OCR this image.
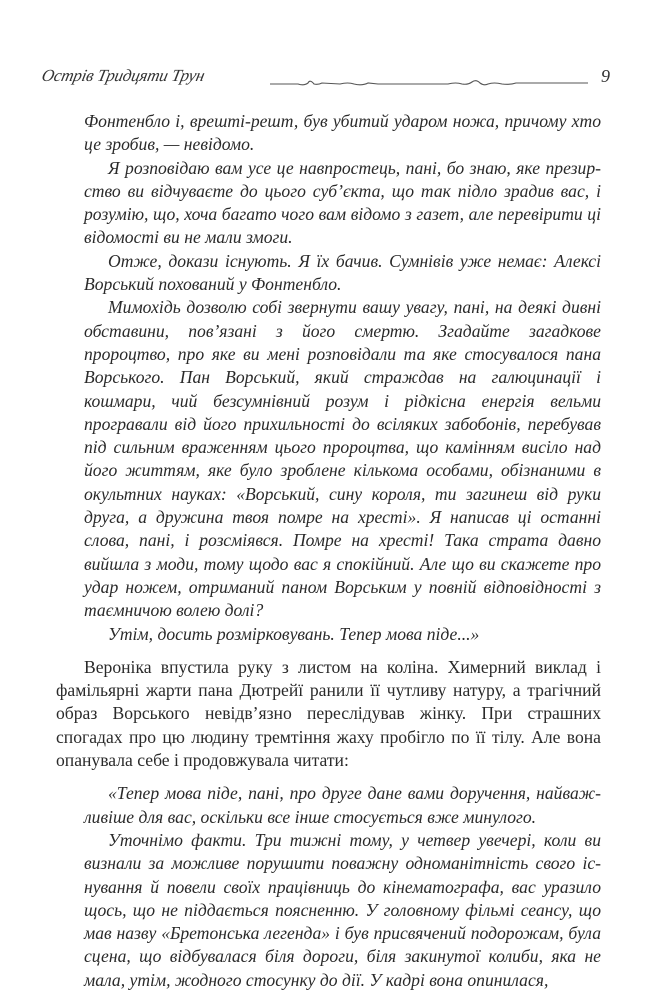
Острів Тридцяти Трун	9

Фонтенбло і, врешті-решт, був убитий ударом ножа, причому хто це зробив, — невідомо.

Я розповідаю вам усе це навпростець, пані, бо знаю, яке презирство ви відчуваєте до цього суб’єкта, що так підло зрадив вас, і розумію, що, хоча багато чого вам відомо з газет, але перевірити ці відомості ви не мали змоги.

Отже, докази існують. Я їх бачив. Сумнівів уже немає: Алексі Ворський похований у Фонтенбло.

Мимохідь дозволю собі звернути вашу увагу, пані, на деякі дивні обставини, пов’язані з його смертю. Згадайте загадкове пророцтво, про яке ви мені розповідали та яке стосувалося пана Ворського. Пан Ворський, який страждав на галюцинації і кошмари, чий безсумнівний розум і рідкісна енергія вельми програвали від його прихильності до всіляких забобонів, перебував під сильним враженням цього пророцтва, що камінням висіло над його життям, яке було зроблене кількома особами, обізнаними в окультних науках: «Ворський, сину короля, ти загинеш від руки друга, а дружина твоя помре на хресті». Я написав ці останні слова, пані, і розсміявся. Помре на хресті! Така страта давно вийшла з моди, тому щодо вас я спокійний. Але що ви скажете про удар ножем, отриманий паном Ворським у повній відповідності з таємничою волею долі?

Утім, досить розмірковувань. Тепер мова піде...»

Вероніка впустила руку з листом на коліна. Химерний виклад і фамільярні жарти пана Дютрейї ранили її чутливу натуру, а трагічний образ Ворського невідв’язно переслідував жінку. При страшних спогадах про цю людину тремтіння жаху пробігло по її тілу. Але вона опанувала себе і продовжувала читати:

«Тепер мова піде, пані, про друге дане вами доручення, найважливіше для вас, оскільки все інше стосується вже минулого.

Уточнімо факти. Три тижні тому, у четвер увечері, коли ви визнали за можливе порушити поважну одноманітність свого існування й повели своїх працівниць до кінематографа, вас уразило щось, що не піддається поясненню. У головному фільмі сеансу, що мав назву «Бретонська легенда» і був присвячений подорожам, була сцена, що відбувалася біля дороги, біля закинутої колиби, яка не мала, утім, жодного стосунку до дії. У кадрі вона опинилася,
